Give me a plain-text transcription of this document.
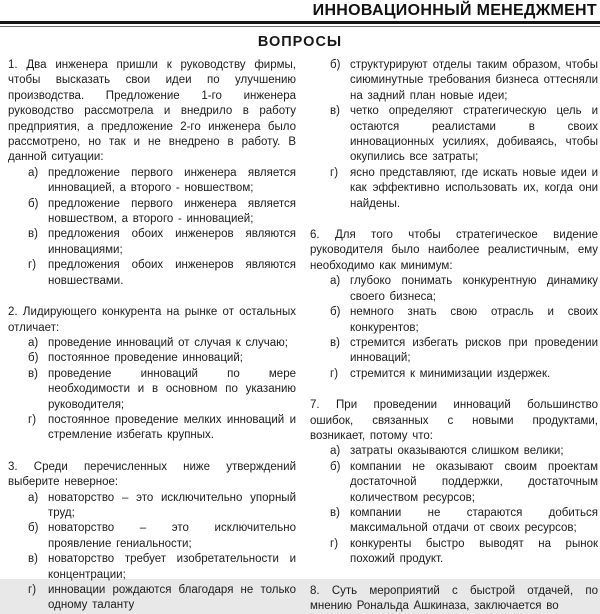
ИННОВАЦИОННЫЙ МЕНЕДЖМЕНТ
ВОПРОСЫ

1. Два инженера пришли к руководству фирмы, чтобы высказать свои идеи по улучшению производства. Предложение 1-го инженера руководство рассмотрела и внедрило в работу предприятия, а предложение 2-го инженера было рассмотрено, но так и не внедрено в работу. В данной ситуации:

а) предложение первого инженера является инновацией, а второго - новшеством;
б) предложение первого инженера является новшеством, а второго - инновацией;
в) предложения обоих инженеров являются инновациями;
г) предложения обоих инженеров являются новшествами.

2. Лидирующего конкурента на рынке от остальных отличает:

а) проведение инноваций от случая к случаю;
б) постоянное проведение инноваций;
в) проведение инноваций по мере необходимости и в основном по указанию руководителя;
г) постоянное проведение мелких инноваций и стремление избегать крупных.

3. Среди перечисленных ниже утверждений выберите неверное:

а) новаторство – это исключительно упорный труд;
б) новаторство – это исключительно проявление гениальности;
в) новаторство требует изобретательности и концентрации;
г) инновации рождаются благодаря не только одному таланту
б) структурируют отделы таким образом, чтобы сиюминутные требования бизнеса оттесняли на задний план новые идеи;
в) четко определяют стратегическую цель и остаются реалистами в своих инновационных усилиях, добиваясь, чтобы окупились все затраты;
г) ясно представляют, где искать новые идеи и как эффективно использовать их, когда они найдены.

6. Для того чтобы стратегическое видение руководителя было наиболее реалистичным, ему необходимо как минимум:

а) глубоко понимать конкурентную динамику своего бизнеса;
б) немного знать свою отрасль и своих конкурентов;
в) стремится избегать рисков при проведении инноваций;
г) стремится к минимизации издержек.

7. При проведении инноваций большинство ошибок, связанных с новыми продуктами, возникает, потому что:

а) затраты оказываются слишком велики;
б) компании не оказывают своим проектам достаточной поддержки, достаточным количеством ресурсов;
в) компании не стараются добиться максимальной отдачи от своих ресурсов;
г) конкуренты быстро выводят на рынок похожий продукт.

8. Суть мероприятий с быстрой отдачей, по мнению Рональда Ашкиназа, заключается во
